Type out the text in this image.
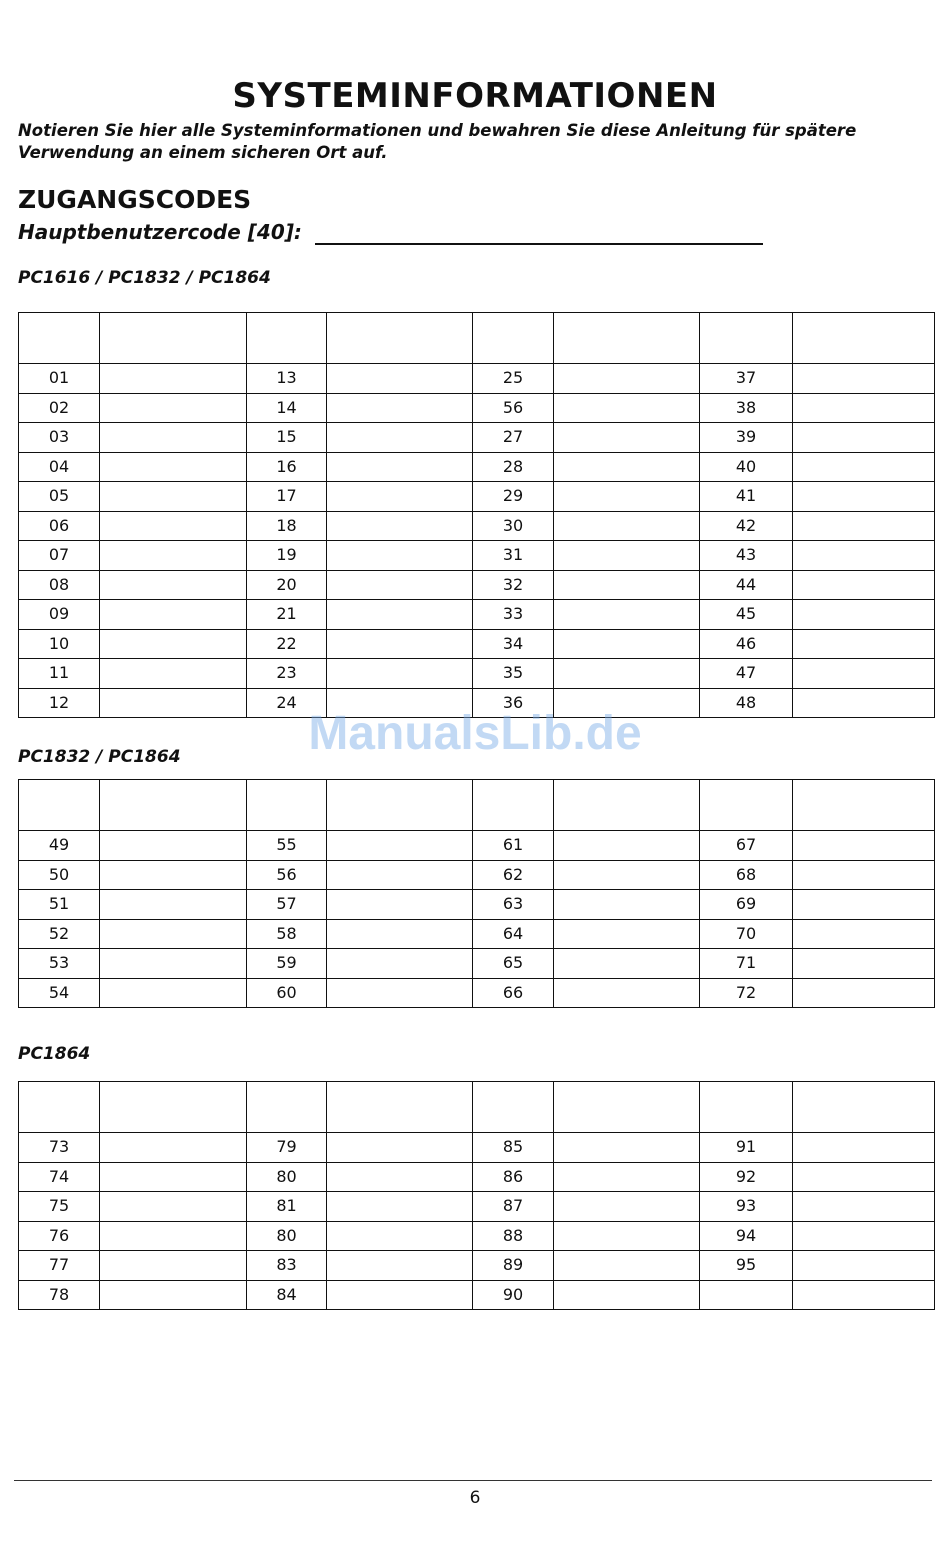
SYSTEMINFORMATIONEN

Notieren Sie hier alle Systeminformationen und bewahren Sie diese Anleitung für spätere Verwendung an einem sicheren Ort auf.

ZUGANGSCODES

Hauptbenutzercode [40]:

PC1616 / PC1832 / PC1864

01		13		25		37	
02		14		56		38	
03		15		27		39	
04		16		28		40	
05		17		29		41	
06		18		30		42	
07		19		31		43	
08		20		32		44	
09		21		33		45	
10		22		34		46	
11		23		35		47	
12		24		36		48	

PC1832 / PC1864

49		55		61		67	
50		56		62		68	
51		57		63		69	
52		58		64		70	
53		59		65		71	
54		60		66		72	

PC1864

73		79		85		91	
74		80		86		92	
75		81		87		93	
76		80		88		94	
77		83		89		95	
78		84		90			
ManualsLib.de
6
